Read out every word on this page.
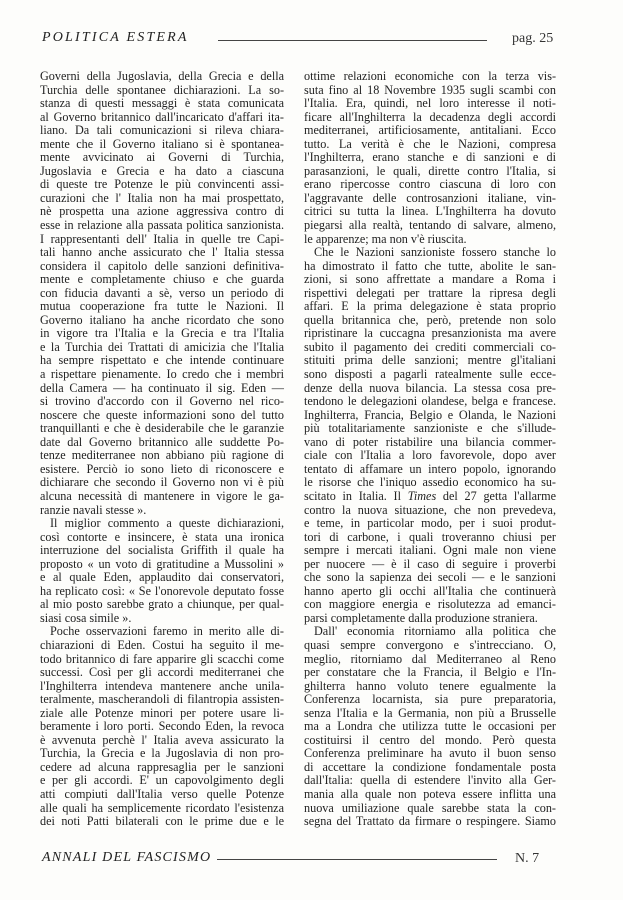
POLITICA ESTERA	pag. 25
Governi della Jugoslavia, della Grecia e della
Turchia delle spontanee dichiarazioni. La so-
stanza di questi messaggi è stata comunicata
al Governo britannico dall'incaricato d'affari ita-
liano. Da tali comunicazioni si rileva chiara-
mente che il Governo italiano si è spontanea-
mente avvicinato ai Governi di Turchia,
Jugoslavia e Grecia e ha dato a ciascuna
di queste tre Potenze le più convincenti assi-
curazioni che l' Italia non ha mai prospettato,
nè prospetta una azione aggressiva contro di
esse in relazione alla passata politica sanzionista.
I rappresentanti dell' Italia in quelle tre Capi-
tali hanno anche assicurato che l' Italia stessa
considera il capitolo delle sanzioni definitiva-
mente e completamente chiuso e che guarda
con fiducia davanti a sè, verso un periodo di
mutua cooperazione fra tutte le Nazioni. Il
Governo italiano ha anche ricordato che sono
in vigore tra l'Italia e la Grecia e tra l'Italia
e la Turchia dei Trattati di amicizia che l'Italia
ha sempre rispettato e che intende continuare
a rispettare pienamente. Io credo che i membri
della Camera — ha continuato il sig. Eden —
si trovino d'accordo con il Governo nel rico-
noscere che queste informazioni sono del tutto
tranquillanti e che è desiderabile che le garanzie
date dal Governo britannico alle suddette Po-
tenze mediterranee non abbiano più ragione di
esistere. Perciò io sono lieto di riconoscere e
dichiarare che secondo il Governo non vi è più
alcuna necessità di mantenere in vigore le ga-
ranzie navali stesse ».
Il miglior commento a queste dichiarazioni,
così contorte e insincere, è stata una ironica
interruzione del socialista Griffith il quale ha
proposto « un voto di gratitudine a Mussolini »
e al quale Eden, applaudito dai conservatori,
ha replicato così: « Se l'onorevole deputato fosse
al mio posto sarebbe grato a chiunque, per qual-
siasi cosa simile ».
Poche osservazioni faremo in merito alle di-
chiarazioni di Eden. Costui ha seguito il me-
todo britannico di fare apparire gli scacchi come
successi. Così per gli accordi mediterranei che
l'Inghilterra intendeva mantenere anche unila-
teralmente, mascherandoli di filantropia assisten-
ziale alle Potenze minori per potere usare li-
beramente i loro porti. Secondo Eden, la revoca
è avvenuta perchè l' Italia aveva assicurato la
Turchia, la Grecia e la Jugoslavia di non pro-
cedere ad alcuna rappresaglia per le sanzioni
e per gli accordi. E' un capovolgimento degli
atti compiuti dall'Italia verso quelle Potenze
alle quali ha semplicemente ricordato l'esistenza
dei noti Patti bilaterali con le prime due e le
ottime relazioni economiche con la terza vis-
suta fino al 18 Novembre 1935 sugli scambi con
l'Italia. Era, quindi, nel loro interesse il noti-
ficare all'Inghilterra la decadenza degli accordi
mediterranei, artificiosamente, antitaliani. Ecco
tutto. La verità è che le Nazioni, compresa
l'Inghilterra, erano stanche e di sanzioni e di
parasanzioni, le quali, dirette contro l'Italia, si
erano ripercosse contro ciascuna di loro con
l'aggravante delle controsanzioni italiane, vin-
citrici su tutta la linea. L'Inghilterra ha dovuto
piegarsi alla realtà, tentando di salvare, almeno,
le apparenze; ma non v'è riuscita.
Che le Nazioni sanzioniste fossero stanche lo
ha dimostrato il fatto che tutte, abolite le san-
zioni, si sono affrettate a mandare a Roma i
rispettivi delegati per trattare la ripresa degli
affari. E la prima delegazione è stata proprio
quella britannica che, però, pretende non solo
ripristinare la cuccagna presanzionista ma avere
subito il pagamento dei crediti commerciali co-
stituiti prima delle sanzioni; mentre gl'italiani
sono disposti a pagarli ratealmente sulle ecce-
denze della nuova bilancia. La stessa cosa pre-
tendono le delegazioni olandese, belga e francese.
Inghilterra, Francia, Belgio e Olanda, le Nazioni
più totalitariamente sanzioniste e che s'illude-
vano di poter ristabilire una bilancia commer-
ciale con l'Italia a loro favorevole, dopo aver
tentato di affamare un intero popolo, ignorando
le risorse che l'iniquo assedio economico ha su-
scitato in Italia. Il Times del 27 getta l'allarme
contro la nuova situazione, che non prevedeva,
e teme, in particolar modo, per i suoi produt-
tori di carbone, i quali troveranno chiusi per
sempre i mercati italiani. Ogni male non viene
per nuocere — è il caso di seguire i proverbi
che sono la sapienza dei secoli — e le sanzioni
hanno aperto gli occhi all'Italia che continuerà
con maggiore energia e risolutezza ad emanci-
parsi completamente dalla produzione straniera.
Dall' economia ritorniamo alla politica che
quasi sempre convergono e s'intrecciano. O,
meglio, ritorniamo dal Mediterraneo al Reno
per constatare che la Francia, il Belgio e l'In-
ghilterra hanno voluto tenere egualmente la
Conferenza locarnista, sia pure preparatoria,
senza l'Italia e la Germania, non più a Brusselle
ma a Londra che utilizza tutte le occasioni per
costituirsi il centro del mondo. Però questa
Conferenza preliminare ha avuto il buon senso
di accettare la condizione fondamentale posta
dall'Italia: quella di estendere l'invito alla Ger-
mania alla quale non poteva essere inflitta una
nuova umiliazione quale sarebbe stata la con-
segna del Trattato da firmare o respingere. Siamo
ANNALI DEL FASCISMO	N. 7
